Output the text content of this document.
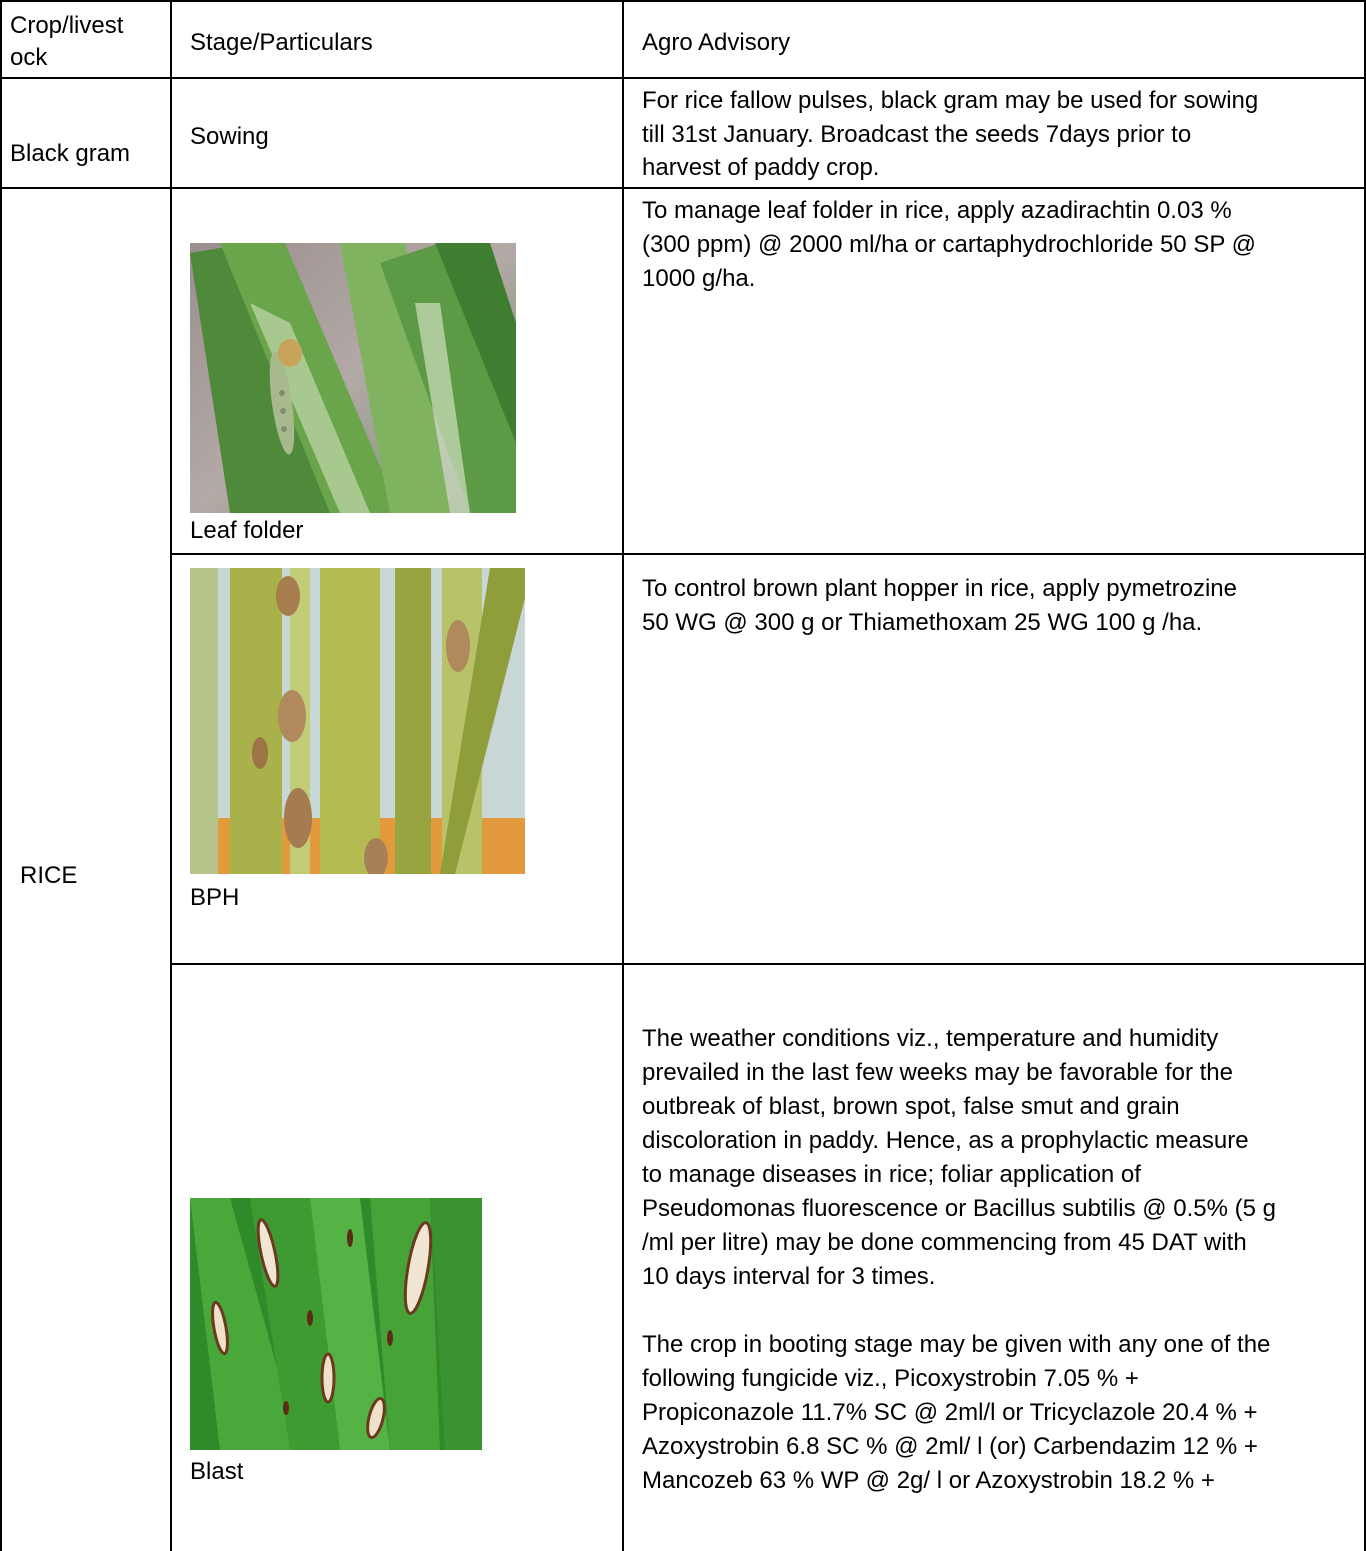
Crop/livest
ock
Stage/Particulars	Agro Advisory
Black gram
Sowing
For rice fallow pulses, black gram may be used for sowing
till 31st January. Broadcast the seeds 7days prior to
harvest of paddy crop.
RICE
Leaf folder
To manage leaf folder in rice, apply azadirachtin 0.03 %
(300 ppm) @ 2000 ml/ha or cartaphydrochloride 50 SP @
1000 g/ha.
BPH
To control brown plant hopper in rice, apply pymetrozine
50 WG @ 300 g or Thiamethoxam 25 WG 100 g /ha.
Blast
The weather conditions viz., temperature and humidity
prevailed in the last few weeks may be favorable for the
outbreak of blast, brown spot, false smut and grain
discoloration in paddy. Hence, as a prophylactic measure
to manage diseases in rice; foliar application of
Pseudomonas fluorescence or Bacillus subtilis @ 0.5% (5 g
/ml per litre) may be done commencing from 45 DAT with
10 days interval for 3 times.
The crop in booting stage may be given with any one of the
following fungicide viz., Picoxystrobin 7.05 % +
Propiconazole 11.7% SC @ 2ml/l or Tricyclazole 20.4 % +
Azoxystrobin 6.8 SC % @ 2ml/ l (or) Carbendazim 12 % +
Mancozeb 63 % WP @ 2g/ l or Azoxystrobin 18.2 % +
